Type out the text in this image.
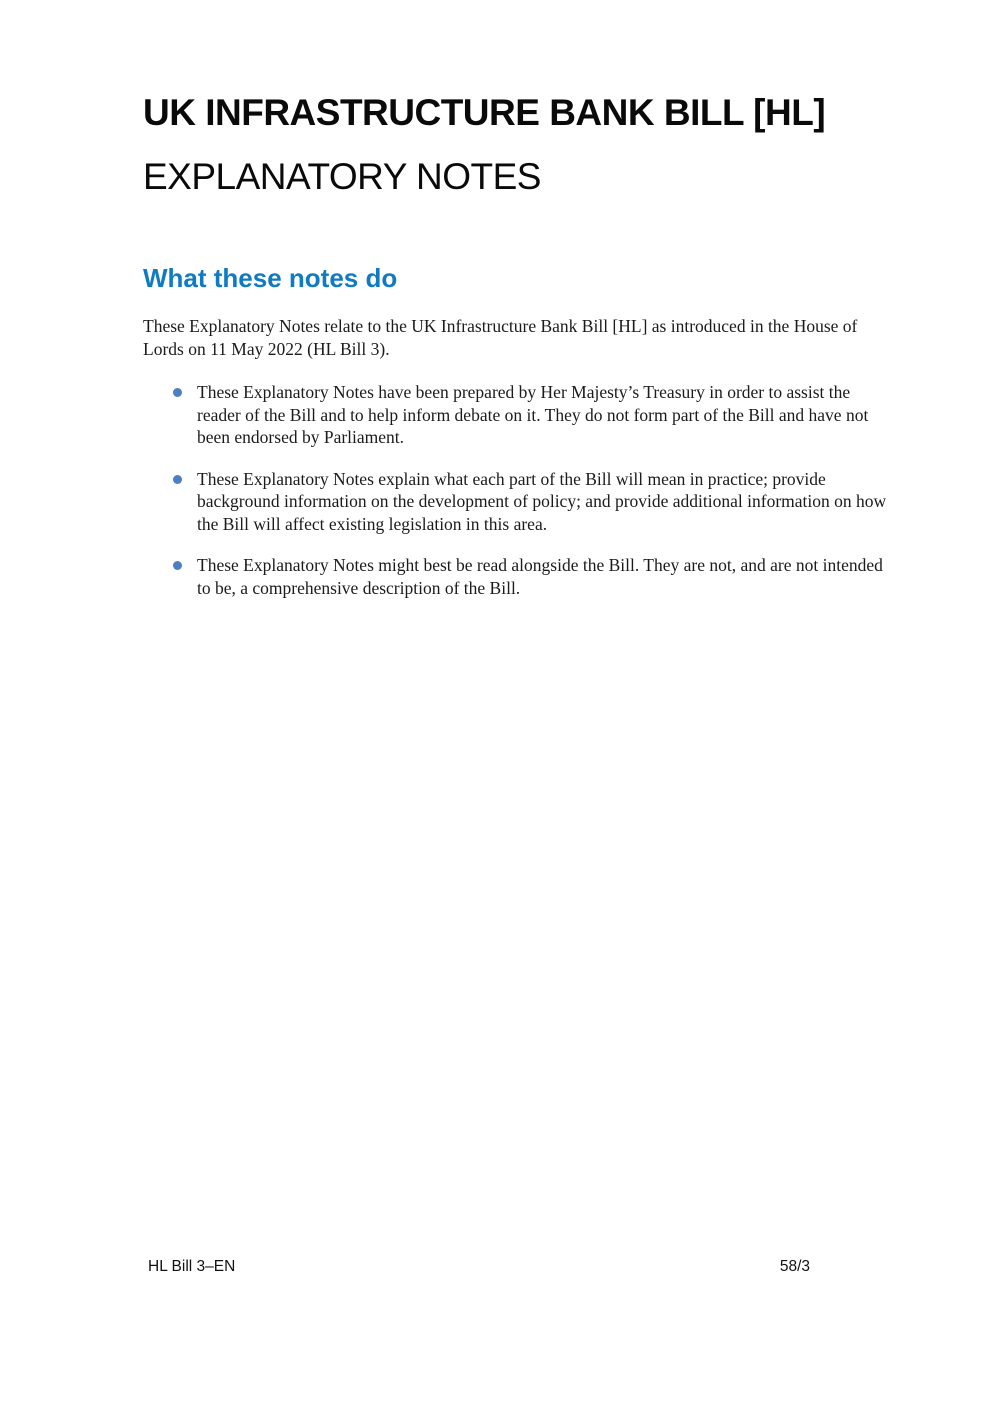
UK INFRASTRUCTURE BANK BILL [HL]
EXPLANATORY NOTES
What these notes do

These Explanatory Notes relate to the UK Infrastructure Bank Bill [HL] as introduced in the House of Lords on 11 May 2022 (HL Bill 3).

These Explanatory Notes have been prepared by Her Majesty’s Treasury in order to assist the reader of the Bill and to help inform debate on it. They do not form part of the Bill and have not been endorsed by Parliament.
These Explanatory Notes explain what each part of the Bill will mean in practice; provide background information on the development of policy; and provide additional information on how the Bill will affect existing legislation in this area.
These Explanatory Notes might best be read alongside the Bill. They are not, and are not intended to be, a comprehensive description of the Bill.
HL Bill 3–EN	58/3
